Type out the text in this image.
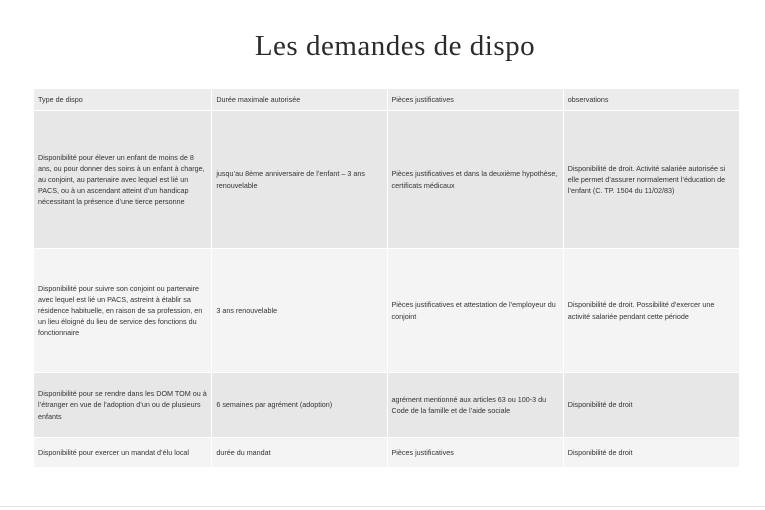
Les demandes de dispo
Type de dispo	Durée maximale autorisée	Pièces justificatives	observations
Disponibilité pour élever un enfant de moins de 8 ans, ou pour donner des soins à un enfant à charge, au conjoint, au partenaire avec lequel est lié un PACS, ou à un ascendant atteint d’un handicap nécessitant la présence d’une tierce personne	jusqu’au 8ème anniversaire de l’enfant – 3 ans renouvelable	Pièces justificatives et dans la deuxième hypothèse, certificats médicaux	Disponibilité de droit. Activité salariée autorisée si elle permet d’assurer normalement l’éducation de l’enfant (C. TP. 1504 du 11/02/83)
Disponibilité pour suivre son conjoint ou partenaire avec lequel est lié un PACS, astreint à établir sa résidence habituelle, en raison de sa profession, en un lieu éloigné du lieu de service des fonctions du fonctionnaire	3 ans renouvelable	Pièces justificatives et attestation de l’employeur du conjoint	Disponibilité de droit. Possibilité d’exercer une activité salariée pendant cette période
Disponibilité pour se rendre dans les DOM TOM ou à l’étranger en vue de l’adoption d’un ou de plusieurs enfants	6 semaines par agrément (adoption)	agrément mentionné aux articles 63 ou 100-3 du Code de la famille et de l’aide sociale	Disponibilité de droit
Disponibilité pour exercer un mandat d’élu local	durée du mandat	Pièces justificatives	Disponibilité de droit
